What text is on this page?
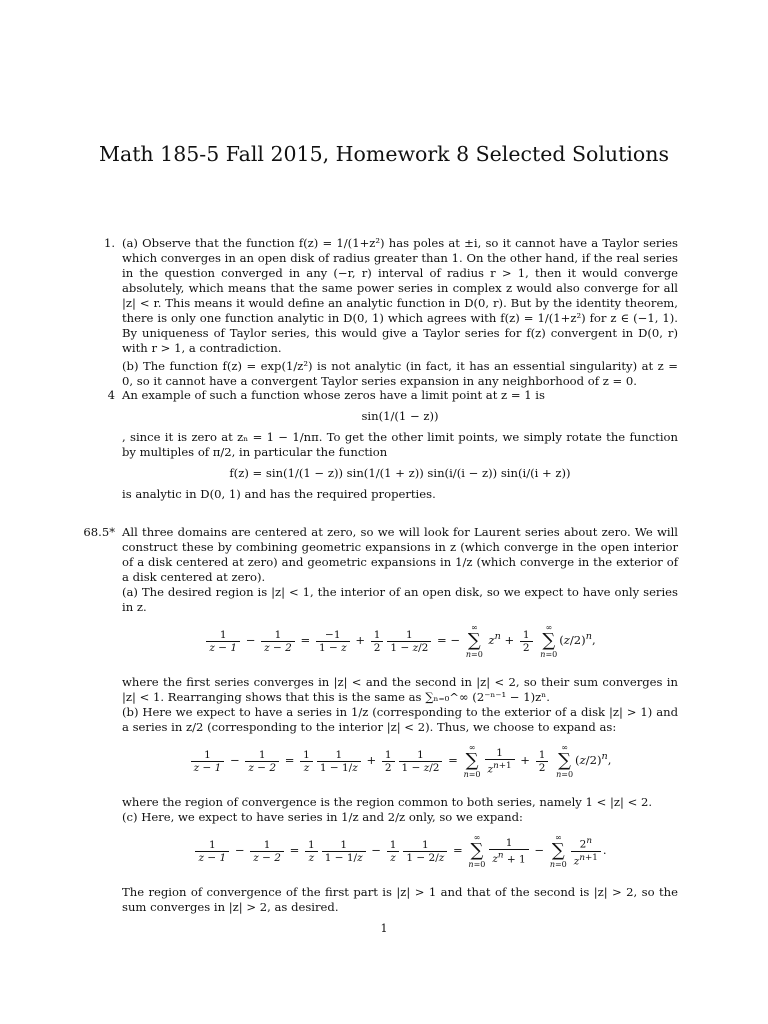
Math 185-5 Fall 2015, Homework 8 Selected Solutions
1. (a) Observe that the function f(z) = 1/(1+z²) has poles at ±i, so it cannot have a Taylor series which converges in an open disk of radius greater than 1. On the other hand, if the real series in the question converged in any (−r, r) interval of radius r > 1, then it would converge absolutely, which means that the same power series in complex z would also converge for all |z| < r. This means it would define an analytic function in D(0, r). But by the identity theorem, there is only one function analytic in D(0, 1) which agrees with f(z) = 1/(1+z²) for z ∈ (−1, 1). By uniqueness of Taylor series, this would give a Taylor series for f(z) convergent in D(0, r) with r > 1, a contradiction.

(b) The function f(z) = exp(1/z²) is not analytic (in fact, it has an essential singularity) at z = 0, so it cannot have a convergent Taylor series expansion in any neighborhood of z = 0.

4 An example of such a function whose zeros have a limit point at z = 1 is

sin(1/(1 − z))

, since it is zero at zₙ = 1 − 1/nπ. To get the other limit points, we simply rotate the function by multiples of π/2, in particular the function

f(z) = sin(1/(1 − z)) sin(1/(1 + z)) sin(i/(i − z)) sin(i/(i + z))

is analytic in D(0, 1) and has the required properties.

68.5* All three domains are centered at zero, so we will look for Laurent series about zero. We will construct these by combining geometric expansions in z (which converge in the open interior of a disk centered at zero) and geometric expansions in 1/z (which converge in the exterior of a disk centered at zero).

(a) The desired region is |z| < 1, the interior of an open disk, so we expect to have only series in z.

$\frac{1}{z - 1} - \frac{1}{z - 2} = \frac{-1}{1 - z} + \frac{1}{2} \frac{1}{1 - z/2}$ = − ∞
∑
n=0 $z^n + \frac{1}{2}$
∞
∑
$n=0(z/2)^n$,

where the first series converges in |z| < and the second in |z| < 2, so their sum converges in |z| < 1. Rearranging shows that this is the same as ∑ₙ₌₀^∞ (2⁻ⁿ⁻¹ − 1)zⁿ.

(b) Here we expect to have a series in 1/z (corresponding to the exterior of a disk |z| > 1) and a series in z/2 (corresponding to the interior |z| < 2). Thus, we choose to expand as:

$\frac{1}{z - 1} - \frac{1}{z - 2} = \frac{1}{z} \frac{1}{1 - 1/z} + \frac{1}{2} \frac{1}{1 - z/2}$ = ∞
∑
$n=0 \frac{1}{z^{n+1}} + \frac{1}{2}$
∞
∑
$n=0(z/2)^n$,

where the region of convergence is the region common to both series, namely 1 < |z| < 2.

(c) Here, we expect to have series in 1/z and 2/z only, so we expand:

$\frac{1}{z - 1} - \frac{1}{z - 2} = \frac{1}{z} \frac{1}{1 - 1/z} - \frac{1}{z} \frac{1}{1 - 2/z}$ = ∞
∑
$n=0 \frac{1}{z^n + 1}$ − ∞
∑
$n=0 \frac{2^n}{z^{n+1}}$ .

The region of convergence of the first part is |z| > 1 and that of the second is |z| > 2, so the sum converges in |z| > 2, as desired.

1
